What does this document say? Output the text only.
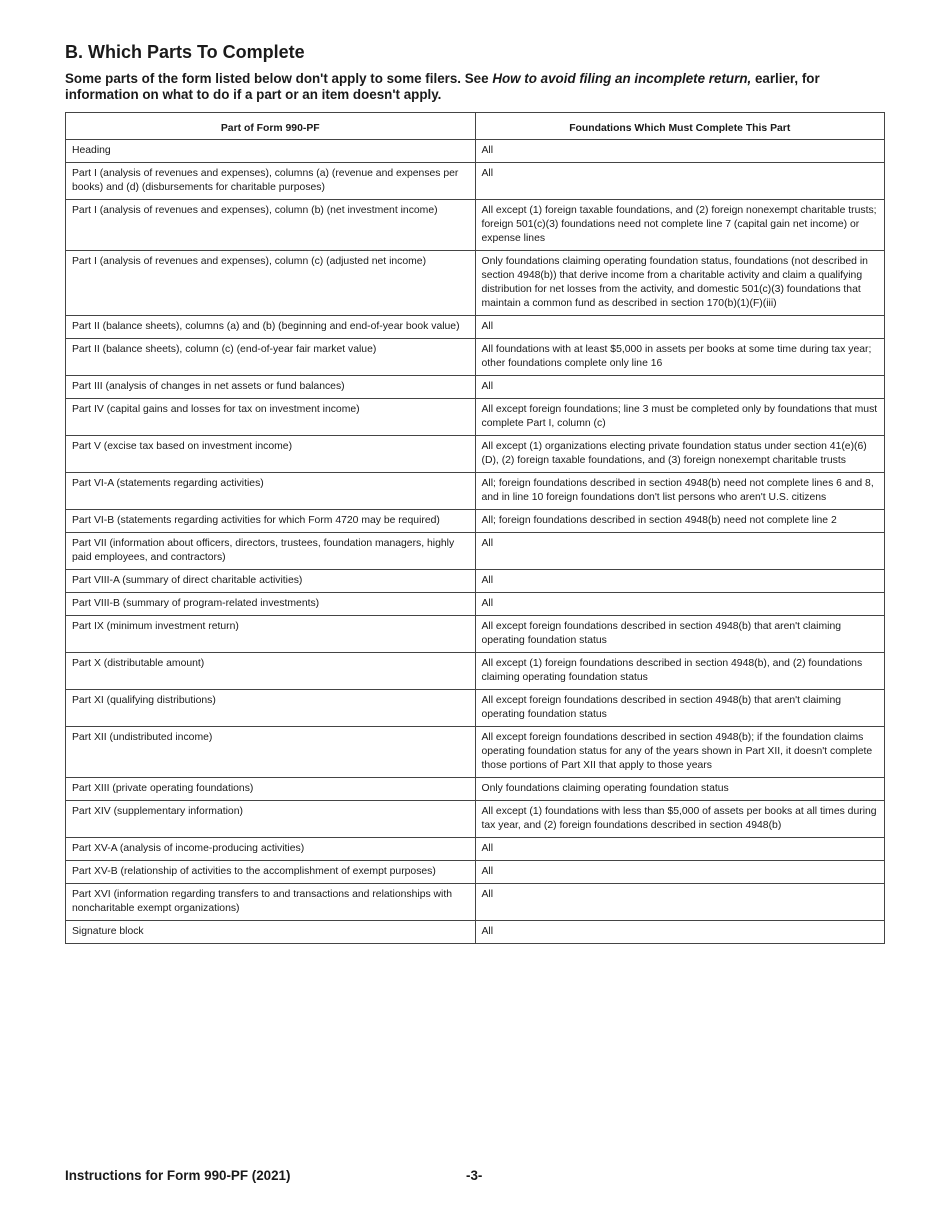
B. Which Parts To Complete

Some parts of the form listed below don't apply to some filers. See How to avoid filing an incomplete return, earlier, for information on what to do if a part or an item doesn't apply.

Part of Form 990-PF	Foundations Which Must Complete This Part
Heading	All
Part I (analysis of revenues and expenses), columns (a) (revenue and expenses per books) and (d) (disbursements for charitable purposes)	All
Part I (analysis of revenues and expenses), column (b) (net investment income)	All except (1) foreign taxable foundations, and (2) foreign nonexempt charitable trusts; foreign 501(c)(3) foundations need not complete line 7 (capital gain net income) or expense lines
Part I (analysis of revenues and expenses), column (c) (adjusted net income)	Only foundations claiming operating foundation status, foundations (not described in section 4948(b)) that derive income from a charitable activity and claim a qualifying distribution for net losses from the activity, and domestic 501(c)(3) foundations that maintain a common fund as described in section 170(b)(1)(F)(iii)
Part II (balance sheets), columns (a) and (b) (beginning and end-of-year book value)	All
Part II (balance sheets), column (c) (end-of-year fair market value)	All foundations with at least $5,000 in assets per books at some time during tax year; other foundations complete only line 16
Part III (analysis of changes in net assets or fund balances)	All
Part IV (capital gains and losses for tax on investment income)	All except foreign foundations; line 3 must be completed only by foundations that must complete Part I, column (c)
Part V (excise tax based on investment income)	All except (1) organizations electing private foundation status under section 41(e)(6)(D), (2) foreign taxable foundations, and (3) foreign nonexempt charitable trusts
Part VI-A (statements regarding activities)	All; foreign foundations described in section 4948(b) need not complete lines 6 and 8, and in line 10 foreign foundations don't list persons who aren't U.S. citizens
Part VI-B (statements regarding activities for which Form 4720 may be required)	All; foreign foundations described in section 4948(b) need not complete line 2
Part VII (information about officers, directors, trustees, foundation managers, highly paid employees, and contractors)	All
Part VIII-A (summary of direct charitable activities)	All
Part VIII-B (summary of program-related investments)	All
Part IX (minimum investment return)	All except foreign foundations described in section 4948(b) that aren't claiming operating foundation status
Part X (distributable amount)	All except (1) foreign foundations described in section 4948(b), and (2) foundations claiming operating foundation status
Part XI (qualifying distributions)	All except foreign foundations described in section 4948(b) that aren't claiming operating foundation status
Part XII (undistributed income)	All except foreign foundations described in section 4948(b); if the foundation claims operating foundation status for any of the years shown in Part XII, it doesn't complete those portions of Part XII that apply to those years
Part XIII (private operating foundations)	Only foundations claiming operating foundation status
Part XIV (supplementary information)	All except (1) foundations with less than $5,000 of assets per books at all times during tax year, and (2) foreign foundations described in section 4948(b)
Part XV-A (analysis of income-producing activities)	All
Part XV-B (relationship of activities to the accomplishment of exempt purposes)	All
Part XVI (information regarding transfers to and transactions and relationships with noncharitable exempt organizations)	All
Signature block	All
Instructions for Form 990-PF (2021)	-3-
